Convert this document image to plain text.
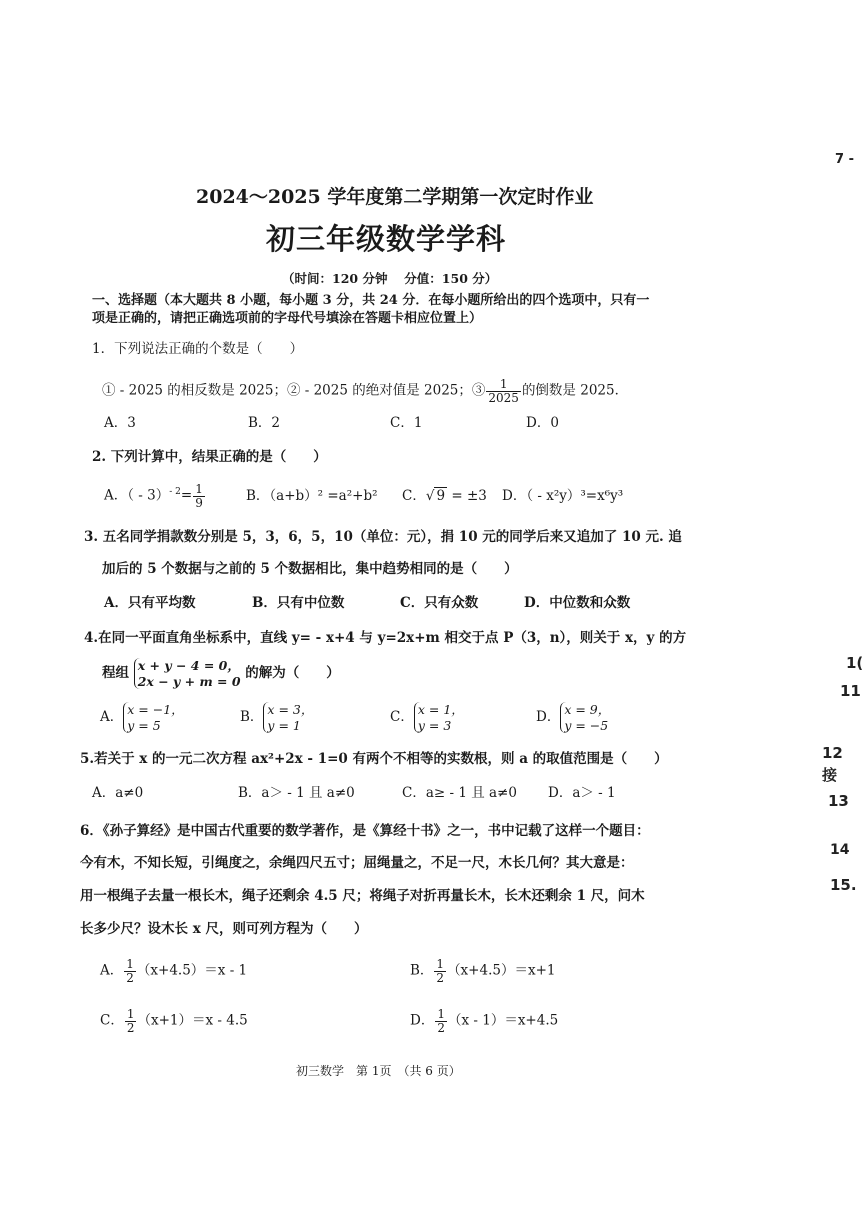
2024～2025 学年度第二学期第一次定时作业
初三年级数学学科
（时间：120 分钟　 分值：150 分）
一、选择题（本大题共 8 小题，每小题 3 分，共 24 分．在每小题所给出的四个选项中，只有一
项是正确的，请把正确选项前的字母代号填涂在答题卡相应位置上）
1．下列说法正确的个数是（　　）
① - 2025 的相反数是 2025；② - 2025 的绝对值是 2025；③ $\frac{1}{2025}$ 的倒数是 2025．
A．3	B．2	C．1	D．0
2. 下列计算中，结果正确的是（　　）
A．（ - $3)^{- 2}= \frac{1}{9}$	B．（a+b）² =a²+b² C．√ 9 = ±3 D．（ - x²y）³=x⁶y³
3. 五名同学捐款数分别是 5，3，6，5，10（单位：元），捐 10 元的同学后来又追加了 10 元. 追
加后的 5 个数据与之前的 5 个数据相比，集中趋势相同的是（　　）
A．只有平均数	B．只有中位数	C．只有众数	D．中位数和众数
4.在同一平面直角坐标系中，直线 y= - x+4 与 y=2x+m 相交于点 P（3，n），则关于 x，y 的方
程组 x + y − 4 = 0，
2x − y + m = 0 的解为（　　）
A． x = −1，
y = 5	B． x = 3，
y = 1	C． x = 1，
y = 3	D． x = 9，
y = −5
5.若关于 x 的一元二次方程 ax²+2x - 1=0 有两个不相等的实数根，则 a 的取值范围是（　　）
A．a≠0	B．a＞ - 1 且 a≠0	C．a≥ - 1 且 a≠0 D．a＞ - 1
6．《孙子算经》是中国古代重要的数学著作，是《算经十书》之一，书中记载了这样一个题目：
今有木，不知长短，引绳度之，余绳四尺五寸；屈绳量之，不足一尺，木长几何？其大意是：
用一根绳子去量一根长木，绳子还剩余 4.5 尺；将绳子对折再量长木，长木还剩余 1 尺，问木
长多少尺？设木长 x 尺，则可列方程为（　　）
A． $\frac{1}{2} (x+4.5)=x - 1$	B． $\frac{1}{2} (x+4.5)=x+1$
C． $\frac{1}{2} (x+1)=x - 4.5$	D． $\frac{1}{2} (x - 1)=x+4.5$
初三数学　第 1页　（共 6 页）
7 -
1(
11
12
接
13
14
15.
